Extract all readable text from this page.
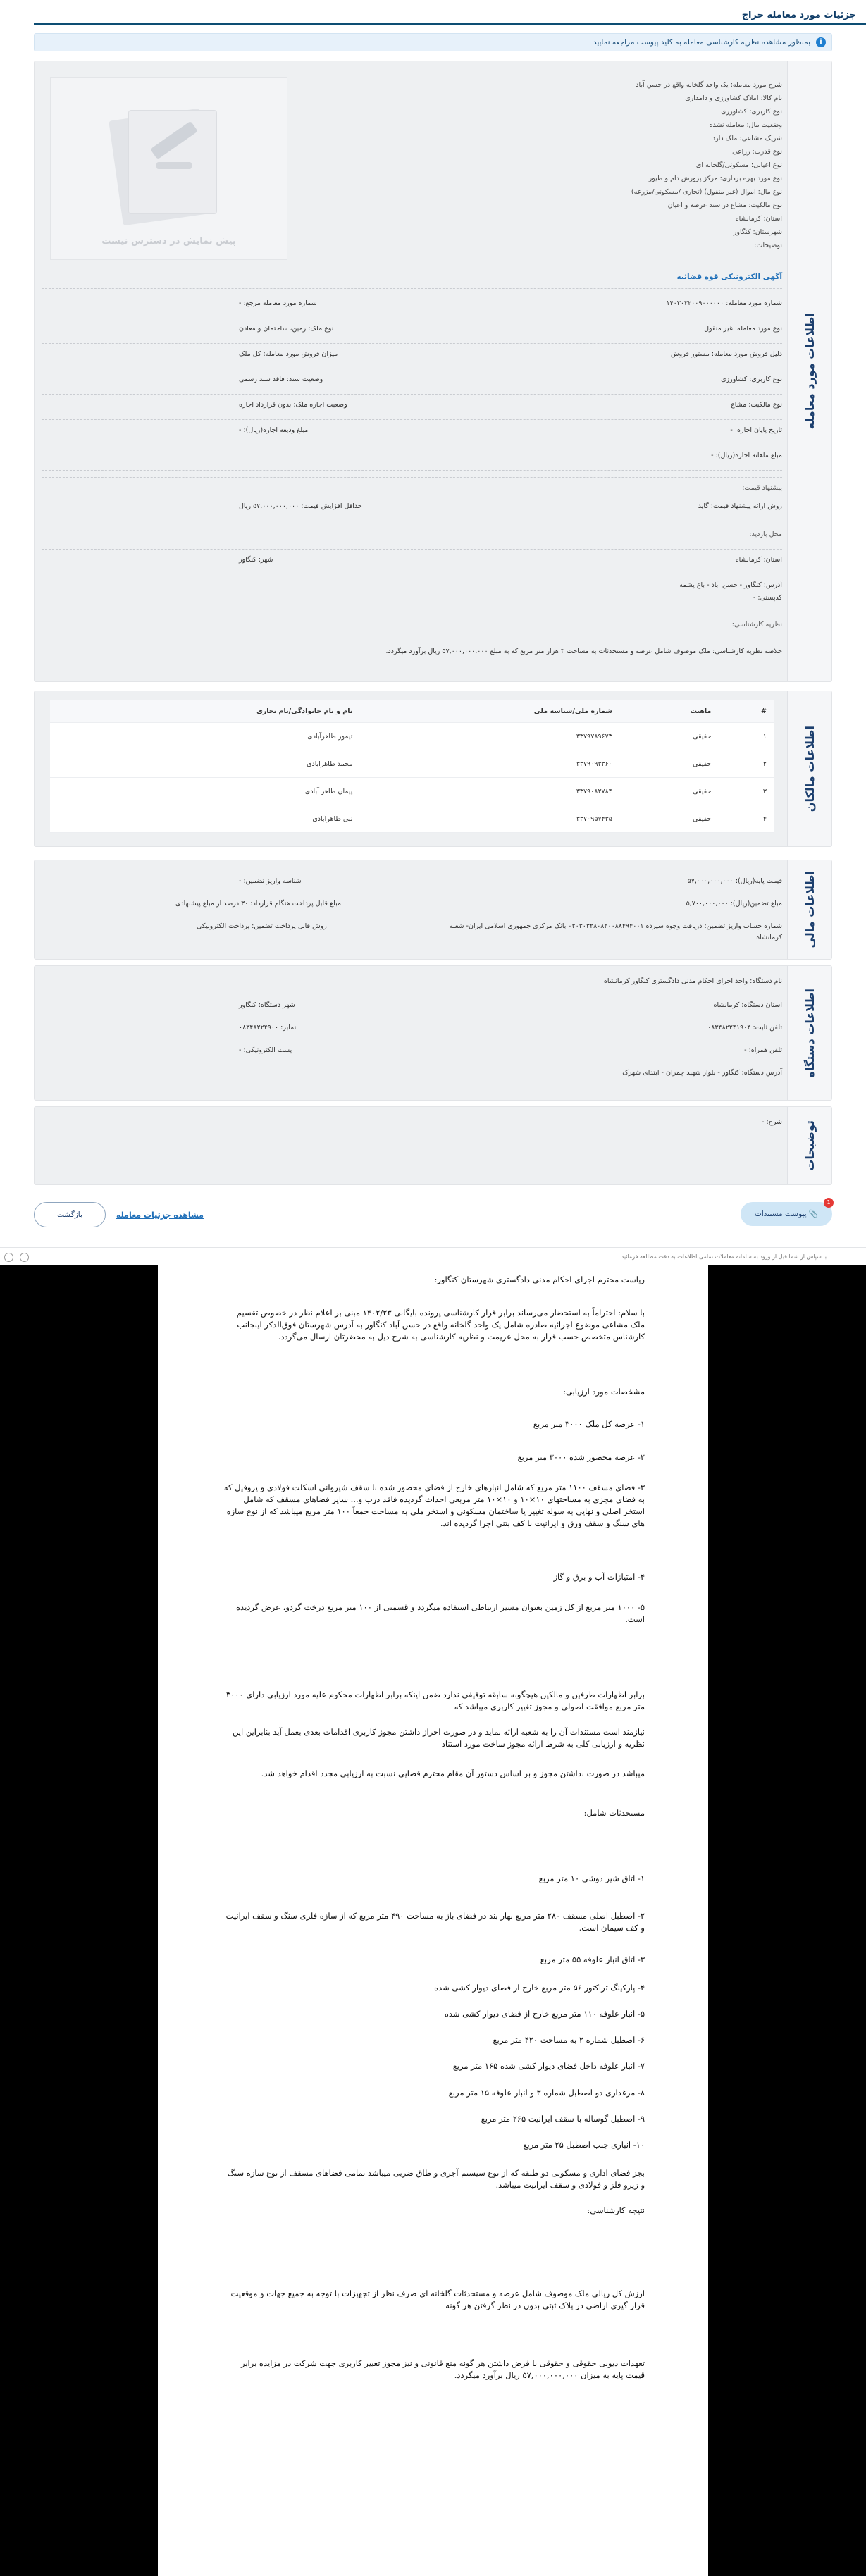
جزئیات مورد معامله حراج
i
بمنظور مشاهده نظریه کارشناسی معامله به کلید پیوست مراجعه نمایید
اطلاعات مورد معامله
شرح مورد معامله: یک واحد گلخانه واقع در حسن آباد
نام کالا: املاک کشاورزی و دامداری
نوع کاربری: کشاورزی
وضعیت مال: معامله نشده
شریک مشاعی: ملک دارد
نوع قدرت: زراعی
نوع اعیانی: مسکونی/گلخانه ای
نوع مورد بهره برداری: مرکز پرورش دام و طیور
نوع مال: اموال (غیر منقول) (تجاری /مسکونی/مزرعه)
نوع مالکیت: مشاع در سند عرصه و اعیان
استان: کرمانشاه
شهرستان: کنگاور
توضیحات:
پیش نمایش در دسترس نیست
آگهی الکترونیکی قوه قضائیه
شماره مورد معامله: ۱۴۰۳۰۲۲۰۰۹۰۰۰۰۰۰
شماره مورد معامله مرجع: -
نوع مورد معامله: غیر منقول
نوع ملک: زمین، ساختمان و معادن
دلیل فروش مورد معامله: مستور فروش
میزان فروش مورد معامله: کل ملک
نوع کاربری: کشاورزی
وضعیت سند: فاقد سند رسمی
نوع مالکیت: مشاع
وضعیت اجاره ملک: بدون قرارداد اجاره
تاریخ پایان اجاره: -
مبلغ ودیعه اجاره(ریال): -
مبلغ ماهانه اجاره(ریال): -
پیشنهاد قیمت:
روش ارائه پیشنهاد قیمت: گاید
حداقل افزایش قیمت: ۵۷,۰۰۰,۰۰۰,۰۰۰ ریال
محل بازدید:
استان: کرمانشاه
شهر: کنگاور
آدرس: کنگاور - حسن آباد - باغ پشمه
کدپستی: -
نظریه کارشناسی:
خلاصه نظریه کارشناسی: ملک موصوف شامل عرصه و مستحدثات به مساحت ۳ هزار متر مربع که به مبلغ ۵۷,۰۰۰,۰۰۰,۰۰۰ ریال برآورد میگردد.
اطلاعات مالکان
#	ماهیت	شماره ملی/شناسه ملی	نام و نام خانوادگی/نام تجاری
۱	حقیقی	۳۳۷۹۷۸۹۶۷۳	تیمور طاهرآبادی
۲	حقیقی	۳۳۷۹۰۹۳۳۶۰	محمد طاهرآبادی
۳	حقیقی	۳۳۷۹۰۸۲۷۸۴	پیمان طاهر آبادی
۴	حقیقی	۳۳۷۰۹۵۷۴۳۵	نبی طاهرآبادی
اطلاعات مالی
قیمت پایه(ریال): ۵۷,۰۰۰,۰۰۰,۰۰۰
شناسه واریز تضمین: -
مبلغ تضمین(ریال): ۵,۷۰۰,۰۰۰,۰۰۰
مبلغ قابل پرداخت هنگام قرارداد: ۳۰ درصد از مبلغ پیشنهادی
شماره حساب واریز تضمین: دریافت وجوه سپرده ۰۲۰۳۰۳۲۸۰۸۲۰۰۸۸۴۹۴۰۰۱ بانک مرکزی جمهوری اسلامی ایران- شعبه
کرمانشاه
روش قابل پرداخت تضمین: پرداخت الکترونیکی
اطلاعات دستگاه
نام دستگاه: واحد اجرای احکام مدنی دادگستری کنگاور کرمانشاه
استان دستگاه: کرمانشاه
شهر دستگاه: کنگاور
تلفن ثابت: ۰۸۳۴۸۲۲۴۱۹۰۴
نمابر: ۰۸۳۴۸۲۲۴۹۰۰
تلفن همراه: -
پست الکترونیکی: -
آدرس دستگاه: کنگاور - بلوار شهید چمران - ابتدای شهرک
توضیحات
شرح: -
📎 پیوست مستندات
1
مشاهده جزئیات معامله
بازگشت
با سپاس از شما قبل از ورود به سامانه معاملات تمامی اطلاعات به دقت مطالعه فرمائید.
ریاست محترم اجرای احکام مدنی دادگستری شهرستان کنگاور:
با سلام: احتراماً به استحضار می‌رساند برابر قرار کارشناسی پرونده بایگانی ۱۴۰۲/۲۳ مبنی بر اعلام نظر در خصوص تقسیم ملک مشاعی موضوع اجرائیه صادره شامل یک واحد گلخانه واقع در حسن آباد کنگاور به آدرس شهرستان فوق‌الذکر اینجانب کارشناس متخصص حسب قرار به محل عزیمت و نظریه کارشناسی به شرح ذیل به محضرتان ارسال می‌گردد.
مشخصات مورد ارزیابی:
۱- عرصه کل ملک ۳۰۰۰ متر مربع
۲- عرصه محصور شده ۳۰۰۰ متر مربع
۳- فضای مسقف ۱۱۰۰ متر مربع که شامل انبارهای خارج از فضای محصور شده با سقف شیروانی اسکلت فولادی و پروفیل که به فضای مجزی به مساحتهای ۱۰×۱۰ و ۱۰×۱۰ متر مربعی احداث گردیده فاقد درب و... سایر فضاهای مسقف که شامل استخر اصلی و نهایی به سوله تغییر یا ساختمان مسکونی و استخر ملی به مساحت جمعاً ۱۰۰ متر مربع میباشد که از نوع سازه های سنگ و سقف ورق و ایرانیت با کف بتنی اجرا گردیده اند.
۴- امتیازات آب و برق و گاز
۵- ۱۰۰۰ متر مربع از کل زمین بعنوان مسیر ارتباطی استفاده میگردد و قسمتی از ۱۰۰ متر مربع درخت گردو، عرض گردیده است.
برابر اظهارات طرفین و مالکین هیچگونه سابقه توقیفی ندارد ضمن اینکه برابر اظهارات محکوم علیه مورد ارزیابی دارای ۳۰۰۰ متر مربع موافقت اصولی و مجوز تغییر کاربری میباشد که
نیازمند است مستندات آن را به شعبه ارائه نماید و در صورت احراز داشتن مجوز کاربری اقدامات بعدی بعمل آید بنابراین این نظریه و ارزیابی کلی به شرط ارائه مجوز ساخت مورد استناد
میباشد در صورت نداشتن مجوز و بر اساس دستور آن مقام محترم قضایی نسبت به ارزیابی مجدد اقدام خواهد شد.
مستحدثات شامل:
۱- اتاق شیر دوشی ۱۰ متر مربع
۲- اصطبل اصلی مسقف ۲۸۰ متر مربع بهار بند در فضای باز به مساحت ۴۹۰ متر مربع که از سازه فلزی سنگ و سقف ایرانیت و کف سیمان است.
۳- اتاق انبار علوفه ۵۵ متر مربع
۴- پارکینگ تراکتور ۵۶ متر مربع خارج از فضای دیوار کشی شده
۵- انبار علوفه ۱۱۰ متر مربع خارج از فضای دیوار کشی شده
۶- اصطبل شماره ۲ به مساحت ۴۲۰ متر مربع
۷- انبار علوفه داخل فضای دیوار کشی شده ۱۶۵ متر مربع
۸- مرغداری دو اصطبل شماره ۳ و انبار علوفه ۱۵ متر مربع
۹- اصطبل گوساله با سقف ایرانیت ۲۶۵ متر مربع
۱۰- انباری جنب اصطبل ۲۵ متر مربع
بجز فضای اداری و مسکونی دو طبقه که از نوع سیستم آجری و طاق ضربی میباشد تمامی فضاهای مسقف از نوع سازه سنگ و زیرو فلز و فولادی و سقف ایرانیت میباشد.
نتیجه کارشناسی:
ارزش کل ریالی ملک موصوف شامل عرصه و مستحدثات گلخانه ای صرف نظر از تجهیزات با توجه به جمیع جهات و موقعیت قرار گیری اراضی در پلاک ثبتی بدون در نظر گرفتن هر گونه
تعهدات دیونی حقوقی و حقوقی با فرض داشتن هر گونه منع قانونی و نیز مجوز تغییر کاربری جهت شرکت در مزایده برابر قیمت پایه به میزان ۵۷,۰۰۰,۰۰۰,۰۰۰ ریال برآورد میگردد.
